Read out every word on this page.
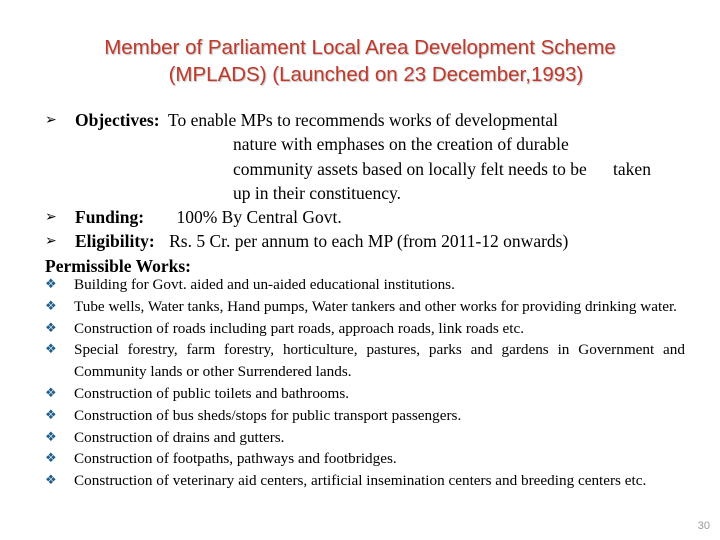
Member of Parliament Local Area Development Scheme
(MPLADS) (Launched on 23 December,1993)
➢ Objectives: To enable MPs to recommends works of developmental
nature with emphases on the creation of durable
community assets based on locally felt needs to be      taken
up in their constituency.
➢ Funding: 100% By Central Govt.
➢ Eligibility: Rs. 5 Cr. per annum to each MP (from 2011-12 onwards)
Permissible Works:
❖ Building for Govt. aided and un-aided educational institutions.
❖ Tube wells, Water tanks, Hand pumps, Water tankers and other works for providing drinking water.
❖ Construction of roads including part roads, approach roads, link roads etc.
❖ Special forestry, farm forestry, horticulture, pastures, parks and gardens in Government and Community lands or other Surrendered lands.
❖ Construction of public toilets and bathrooms.
❖ Construction of bus sheds/stops for public transport passengers.
❖ Construction of drains and gutters.
❖ Construction of footpaths, pathways and footbridges.
❖ Construction of veterinary aid centers, artificial insemination centers and breeding centers etc.
30
